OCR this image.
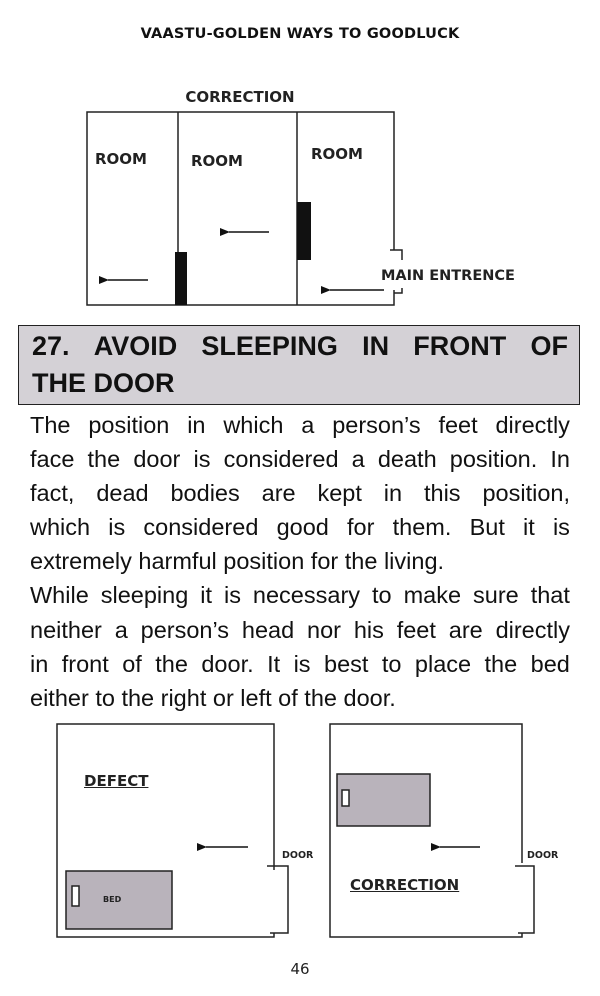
VAASTU-GOLDEN WAYS TO GOODLUCK
CORRECTION
ROOM	ROOM	ROOM
MAIN ENTRENCE
27. AVOID SLEEPING IN FRONT OF
THE DOOR
The position in which a person’s feet directly
face the door is considered a death position. In
fact, dead bodies are kept in this position,
which is considered good for them. But it is
extremely harmful position for the living.
While sleeping it is necessary to make sure that
neither a person’s head nor his feet are directly
in front of the door. It is best to place the bed
either to the right or left of the door.
DEFECT
DOOR
BED
CORRECTION
DOOR
46
